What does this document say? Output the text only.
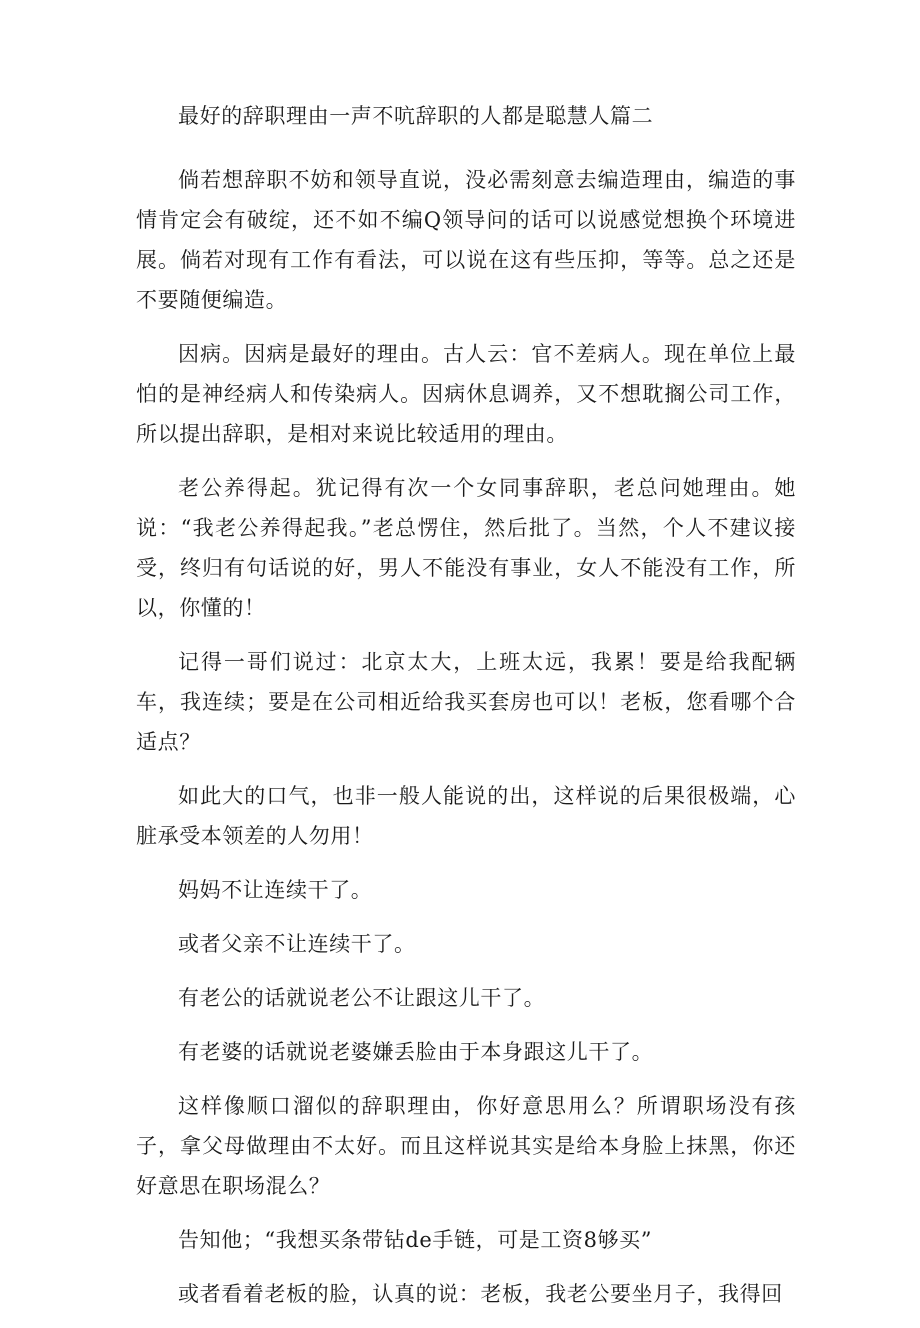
最好的辞职理由一声不吭辞职的人都是聪慧人篇二

倘若想辞职不妨和领导直说，没必需刻意去编造理由，编造的事情肯定会有破绽，还不如不编Q领导问的话可以说感觉想换个环境进展。倘若对现有工作有看法，可以说在这有些压抑，等等。总之还是不要随便编造。

因病。因病是最好的理由。古人云：官不差病人。现在单位上最怕的是神经病人和传染病人。因病休息调养，又不想耽搁公司工作，所以提出辞职，是相对来说比较适用的理由。

老公养得起。犹记得有次一个女同事辞职，老总问她理由。她说：“我老公养得起我。”老总愣住，然后批了。当然，个人不建议接受，终归有句话说的好，男人不能没有事业，女人不能没有工作，所以，你懂的！

记得一哥们说过：北京太大，上班太远，我累！要是给我配辆车，我连续；要是在公司相近给我买套房也可以！老板，您看哪个合适点？

如此大的口气，也非一般人能说的出，这样说的后果很极端，心脏承受本领差的人勿用！

妈妈不让连续干了。

或者父亲不让连续干了。

有老公的话就说老公不让跟这儿干了。

有老婆的话就说老婆嫌丢脸由于本身跟这儿干了。

这样像顺口溜似的辞职理由，你好意思用么？所谓职场没有孩子，拿父母做理由不太好。而且这样说其实是给本身脸上抹黑，你还好意思在职场混么？

告知他；“我想买条带钻de手链，可是工资8够买”

或者看着老板的脸，认真的说：老板，我老公要坐月子，我得回
